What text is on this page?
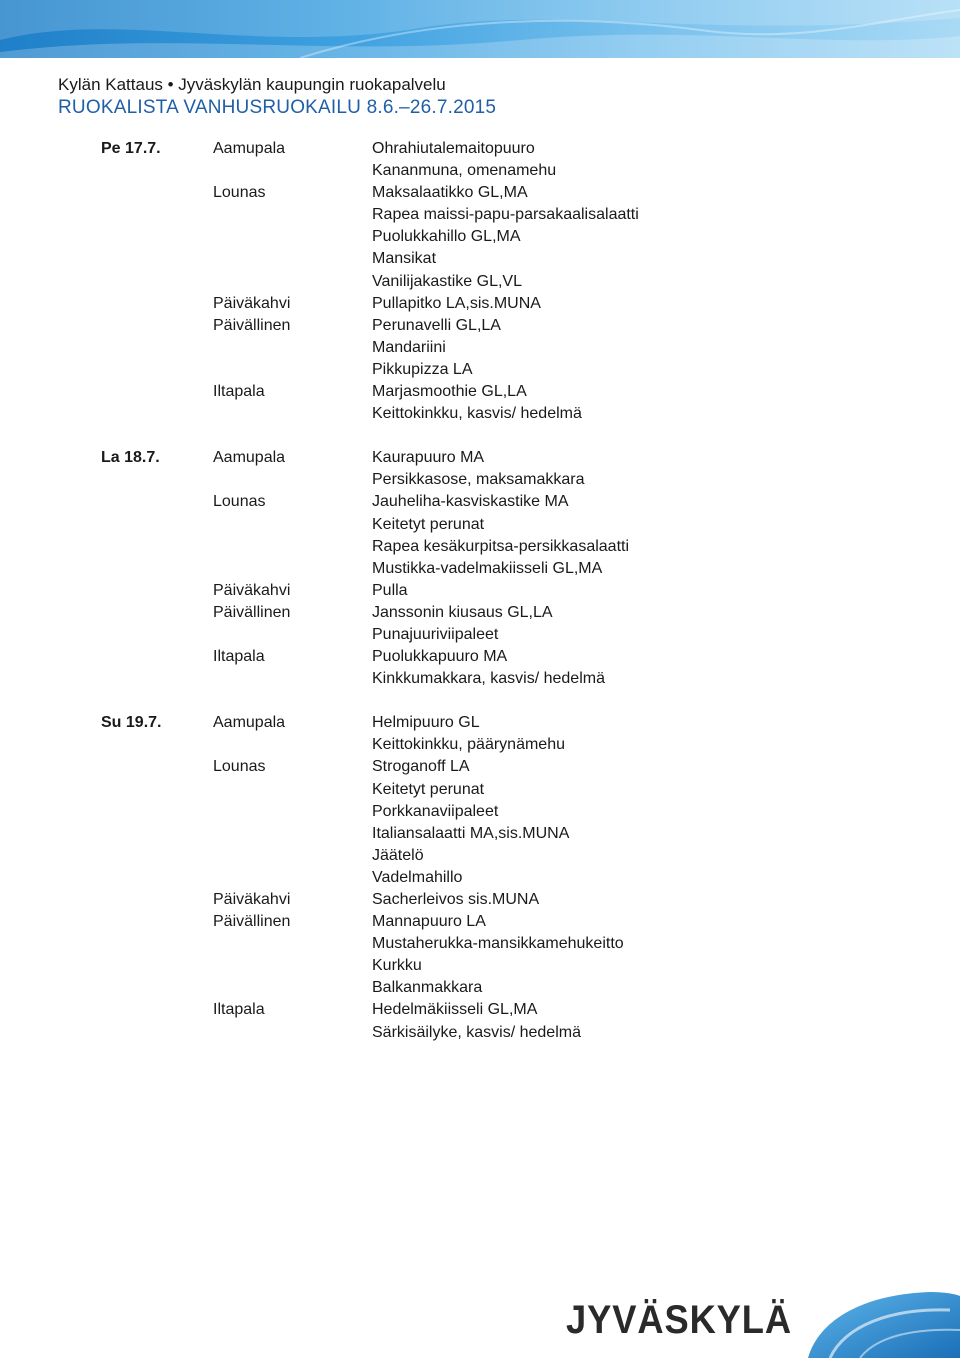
Kylän Kattaus • Jyväskylän kaupungin ruokapalvelu
RUOKALISTA VANHUSRUOKAILU 8.6.–26.7.2015
Pe 17.7.	Aamupala	Ohrahiutalemaitopuuro
Kananmuna, omenamehu
Lounas	Maksalaatikko GL,MA
Rapea maissi-papu-parsakaalisalaatti
Puolukkahillo GL,MA
Mansikat
Vanilijakastike GL,VL
Päiväkahvi	Pullapitko LA,sis.MUNA
Päivällinen	Perunavelli GL,LA
Mandariini
Pikkupizza LA
Iltapala	Marjasmoothie GL,LA
Keittokinkku, kasvis/ hedelmä
La 18.7.	Aamupala	Kaurapuuro MA
Persikkasose, maksamakkara
Lounas	Jauheliha-kasviskastike MA
Keitetyt perunat
Rapea kesäkurpitsa-persikkasalaatti
Mustikka-vadelmakiisseli GL,MA
Päiväkahvi	Pulla
Päivällinen	Janssonin kiusaus GL,LA
Punajuuriviipaleet
Iltapala	Puolukkapuuro MA
Kinkkumakkara, kasvis/ hedelmä
Su 19.7.	Aamupala	Helmipuuro GL
Keittokinkku, päärynämehu
Lounas	Stroganoff LA
Keitetyt perunat
Porkkanaviipaleet
Italiansalaatti MA,sis.MUNA
Jäätelö
Vadelmahillo
Päiväkahvi	Sacherleivos sis.MUNA
Päivällinen	Mannapuuro LA
Mustaherukka-mansikkamehukeitto
Kurkku
Balkanmakkara
Iltapala	Hedelmäkiisseli GL,MA
Särkisäilyke, kasvis/ hedelmä
JYVÄSKYLÄ
